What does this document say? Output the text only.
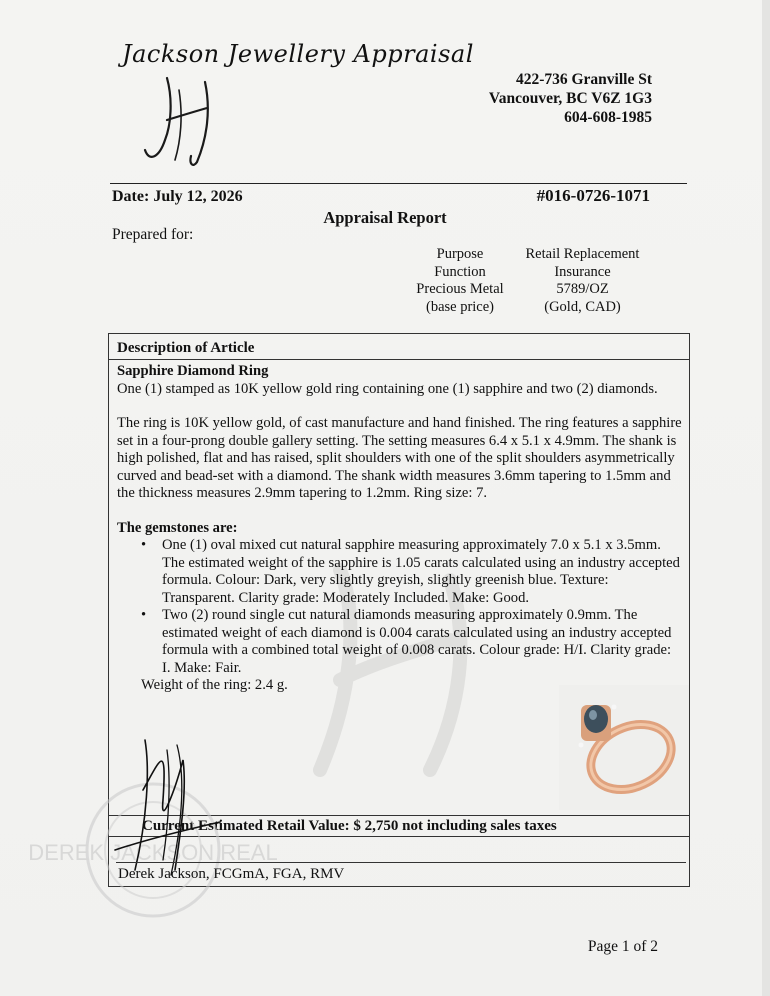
Jackson Jewellery Appraisal
422-736 Granville St
Vancouver, BC V6Z 1G3
604-608-1985
Date: July 12, 2026	#016-0726-1071
Appraisal Report
Prepared for:
Purpose
Function
Precious Metal
(base price)
Retail Replacement
Insurance
5789/OZ
(Gold, CAD)
Description of Article

Sapphire Diamond Ring

One (1) stamped as 10K yellow gold ring containing one (1) sapphire and two (2) diamonds.

The ring is 10K yellow gold, of cast manufacture and hand finished. The ring features a sapphire set in a four-prong double gallery setting. The setting measures 6.4 x 5.1 x 4.9mm. The shank is high polished, flat and has raised, split shoulders with one of the split shoulders asymmetrically curved and bead-set with a diamond. The shank width measures 3.6mm tapering to 1.5mm and the thickness measures 2.9mm tapering to 1.2mm. Ring size: 7.

The gemstones are:

• One (1) oval mixed cut natural sapphire measuring approximately 7.0 x 5.1 x 3.5mm. The estimated weight of the sapphire is 1.05 carats calculated using an industry accepted formula. Colour: Dark, very slightly greyish, slightly greenish blue. Texture: Transparent. Clarity grade: Moderately Included. Make: Good.
• Two (2) round single cut natural diamonds measuring approximately 0.9mm. The estimated weight of each diamond is 0.004 carats calculated using an industry accepted formula with a combined total weight of 0.008 carats. Colour grade: H/I. Clarity grade: I. Make: Fair.

Weight of the ring: 2.4 g.

Current Estimated Retail Value: $ 2,750 not including sales taxes
DEREK JACKSON REAL
Derek Jackson, FCGmA, FGA, RMV
Page 1 of 2
